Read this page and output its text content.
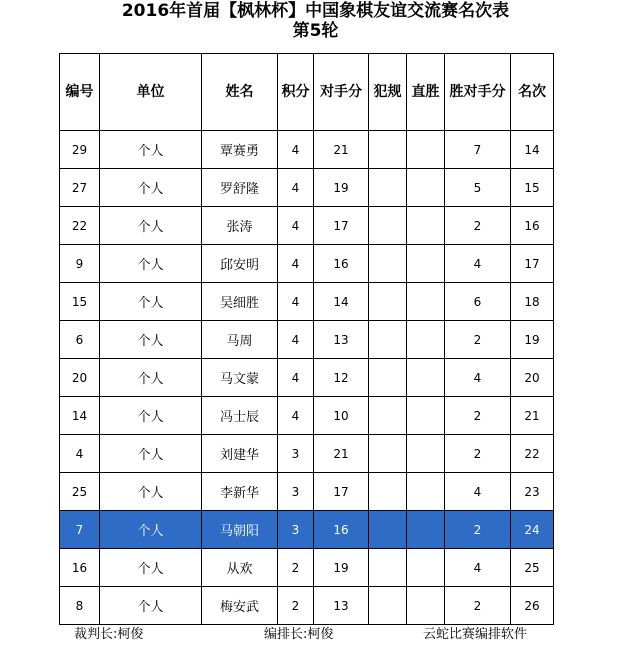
2016年首届【枫林杯】中国象棋友谊交流赛名次表
第5轮
编号	单位	姓名	积分	对手分	犯规	直胜	胜对手分	名次
29	个人	覃赛勇	4	21			7	14
27	个人	罗舒隆	4	19			5	15
22	个人	张涛	4	17			2	16
9	个人	邱安明	4	16			4	17
15	个人	吴细胜	4	14			6	18
6	个人	马周	4	13			2	19
20	个人	马文蒙	4	12			4	20
14	个人	冯士辰	4	10			2	21
4	个人	刘建华	3	21			2	22
25	个人	李新华	3	17			4	23
7	个人	马朝阳	3	16			2	24
16	个人	从欢	2	19			4	25
8	个人	梅安武	2	13			2	26
裁判长:柯俊	编排长:柯俊	云蛇比赛编排软件
